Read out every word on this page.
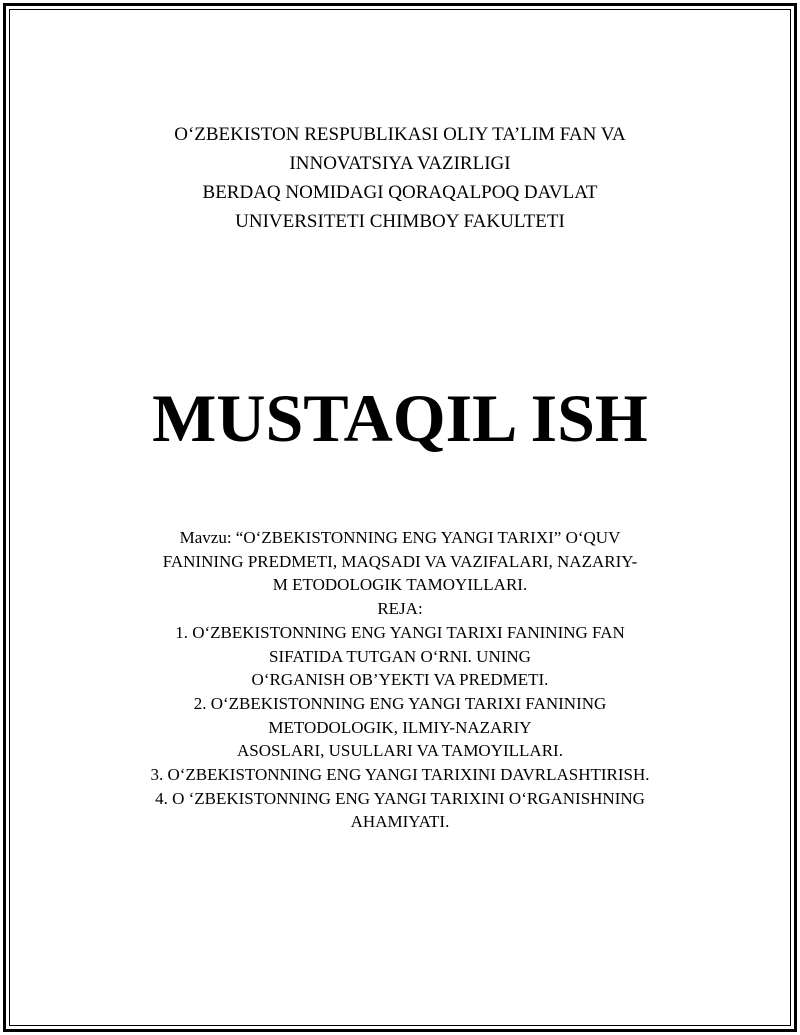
O‘ZBEKISTON RESPUBLIKASI OLIY TA’LIM FAN VA
INNOVATSIYA VAZIRLIGI
BERDAQ NOMIDAGI QORAQALPOQ DAVLAT
UNIVERSITETI CHIMBOY FAKULTETI
MUSTAQIL ISH
Mavzu: “O‘ZBEKISTONNING ENG YANGI TARIXI” O‘QUV
FANINING PREDMETI, MAQSADI VA VAZIFALARI, NAZARIY-
M ETODOLOGIK TAMOYILLARI.
REJA:
1. O‘ZBEKISTONNING ENG YANGI TARIXI FANINING FAN
SIFATIDA TUTGAN O‘RNI. UNING
O‘RGANISH OB’YEKTI VA PREDMETI.
2. O‘ZBEKISTONNING ENG YANGI TARIXI FANINING
METODOLOGIK, ILMIY-NAZARIY
ASOSLARI, USULLARI VA TAMOYILLARI.
3. O‘ZBEKISTONNING ENG YANGI TARIXINI DAVRLASHTIRISH.
4. O ‘ZBEKISTONNING ENG YANGI TARIXINI O‘RGANISHNING
AHAMIYATI.
